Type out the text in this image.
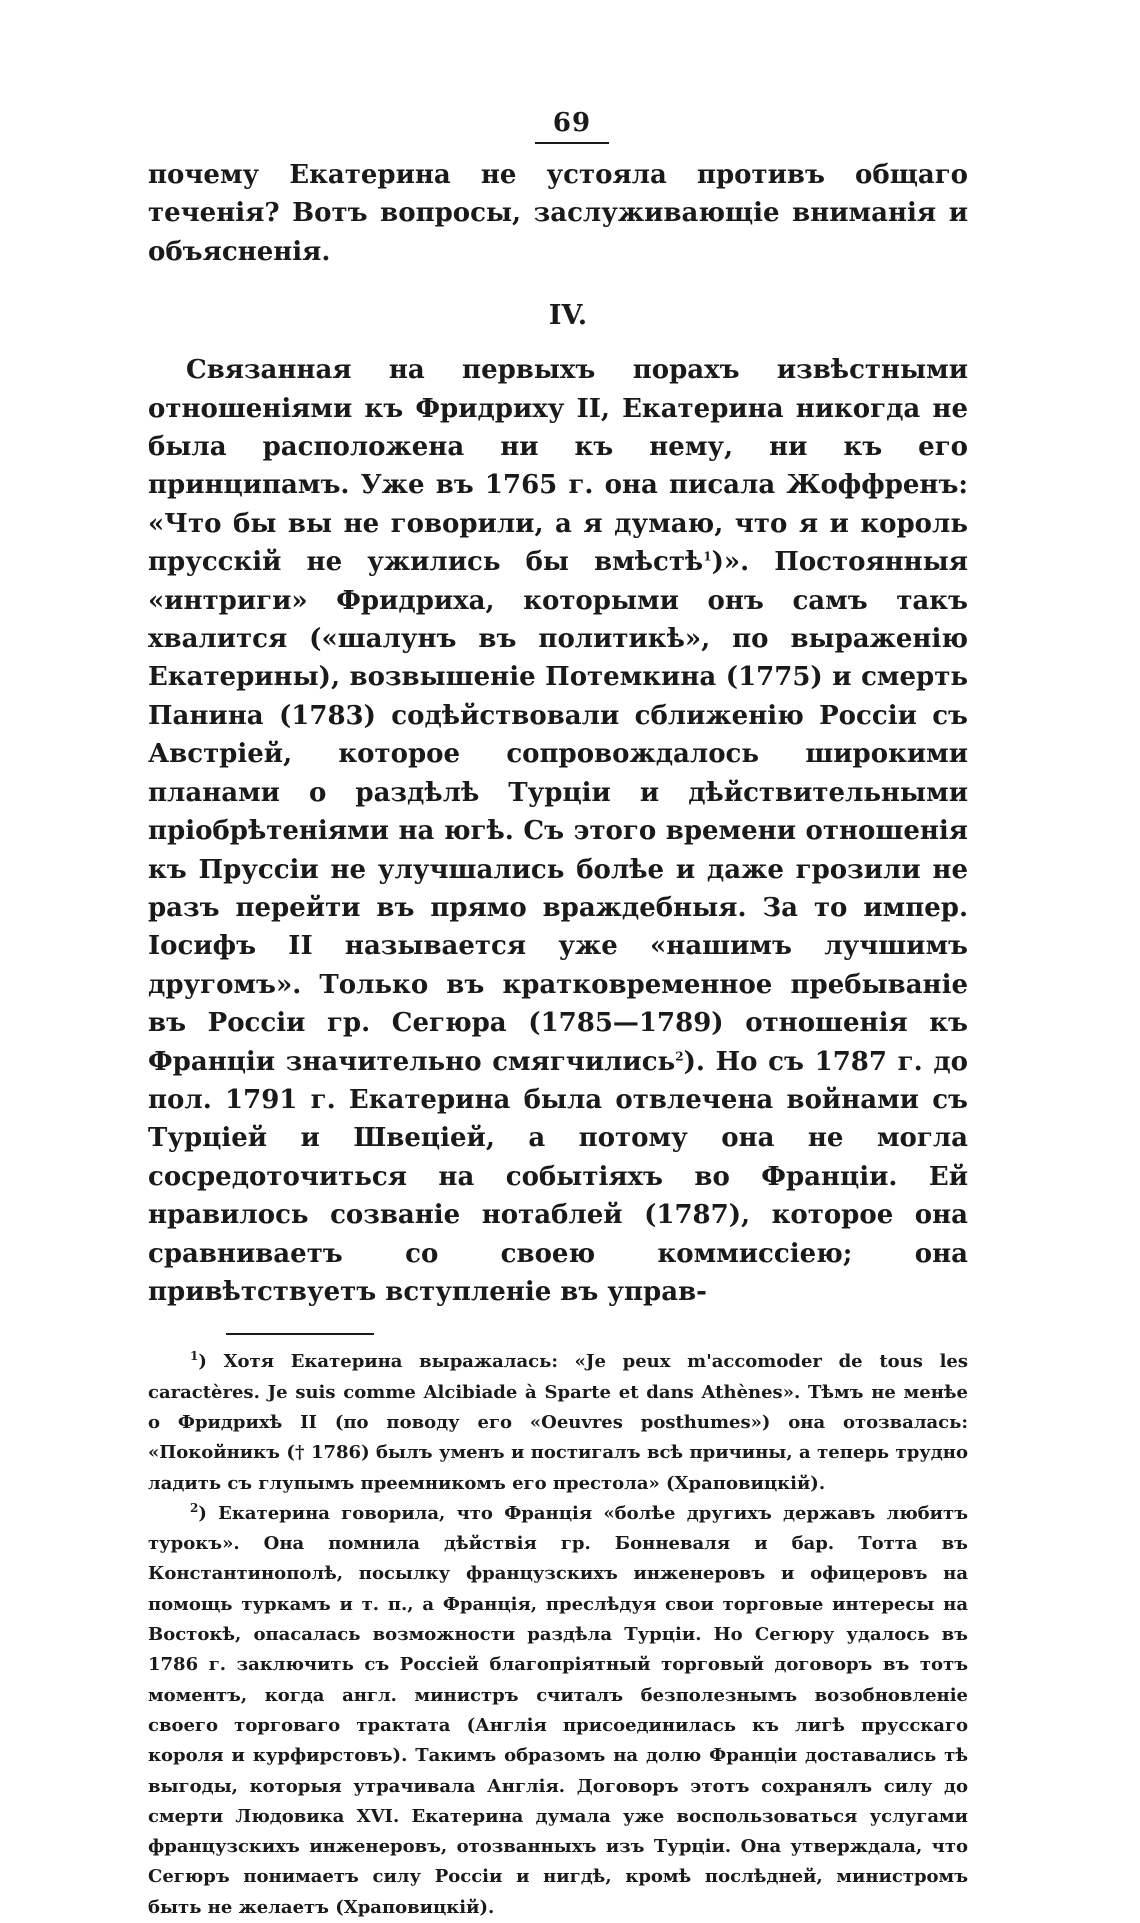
69

почему Екатерина не устояла противъ общаго теченія? Вотъ вопросы, заслуживающіе вниманія и объясненія.

IV.

Связанная на первыхъ порахъ извѣстными отношеніями къ Фридриху II, Екатерина никогда не была расположена ни къ нему, ни къ его принципамъ. Уже въ 1765 г. она писала Жоффренъ: «Что бы вы не говорили, а я думаю, что я и король прусскій не ужились бы вмѣстѣ$^1$)». Постоянныя «интриги» Фридриха, которыми онъ самъ такъ хвалится («шалунъ въ политикѣ», по выраженію Екатерины), возвышеніе Потемкина (1775) и смерть Панина (1783) содѣйствовали сближенію Россіи съ Австріей, которое сопровождалось широкими планами о раздѣлѣ Турціи и дѣйствительными пріобрѣтеніями на югѣ. Съ этого времени отношенія къ Пруссіи не улучшались болѣе и даже грозили не разъ перейти въ прямо враждебныя. За то импер. Іосифъ II называется уже «нашимъ лучшимъ другомъ». Только въ кратковременное пребываніе въ Россіи гр. Сегюра (1785—1789) отношенія къ Франціи значительно смягчились$^2$). Но съ 1787 г. до пол. 1791 г. Екатерина была отвлечена войнами съ Турціей и Швеціей, а потому она не могла сосредоточиться на событіяхъ во Франціи. Ей нравилось созваніе нотаблей (1787), которое она сравниваетъ со своею коммиссіею; она привѣтствуетъ вступленіе въ управ-

$^1$) Хотя Екатерина выражалась: «Je peux m'accomoder de tous les caractères. Je suis comme Alcibiade à Sparte et dans Athènes». Тѣмъ не менѣе о Фридрихѣ II (по поводу его «Oeuvres posthumes») она отозвалась: «Покойникъ († 1786) былъ уменъ и постигалъ всѣ причины, а теперь трудно ладить съ глупымъ преемникомъ его престола» (Храповицкій).

$^2$) Екатерина говорила, что Франція «болѣе другихъ державъ любитъ турокъ». Она помнила дѣйствія гр. Бонневаля и бар. Тотта въ Константинополѣ, посылку французскихъ инженеровъ и офицеровъ на помощь туркамъ и т. п., а Франція, преслѣдуя свои торговые интересы на Востокѣ, опасалась возможности раздѣла Турціи. Но Сегюру удалось въ 1786 г. заключить съ Россіей благопріятный торговый договоръ въ тотъ моментъ, когда англ. министръ считалъ безполезнымъ возобновленіе своего торговаго трактата (Англія присоединилась къ лигѣ прусскаго короля и курфирстовъ). Такимъ образомъ на долю Франціи доставались тѣ выгоды, которыя утрачивала Англія. Договоръ этотъ сохранялъ силу до смерти Людовика XVI. Екатерина думала уже воспользоваться услугами французскихъ инженеровъ, отозванныхъ изъ Турціи. Она утверждала, что Сегюръ понимаетъ силу Россіи и нигдѣ, кромѣ послѣдней, министромъ быть не желаетъ (Храповицкій).
